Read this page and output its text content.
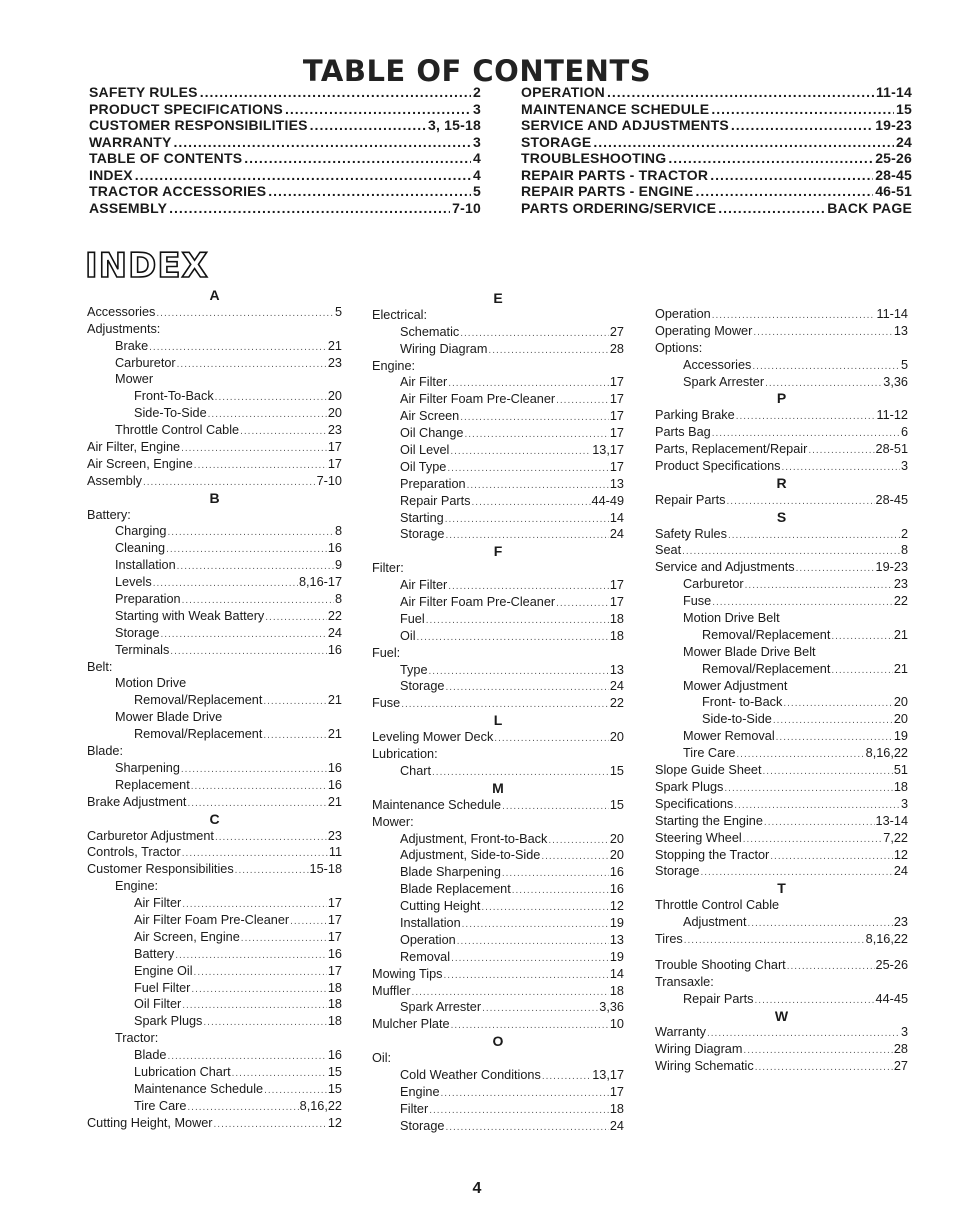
TABLE OF CONTENTS
SAFETY RULES .....	2
PRODUCT SPECIFICATIONS .....	3
CUSTOMER RESPONSIBILITIES .....	3, 15-18
WARRANTY .....	3
TABLE OF CONTENTS .....	4
INDEX .....	4
TRACTOR ACCESSORIES .....	5
ASSEMBLY .....	7-10
OPERATION .....	11-14
MAINTENANCE SCHEDULE .....	15
SERVICE AND ADJUSTMENTS .....	19-23
STORAGE .....	24
TROUBLESHOOTING .....	25-26
REPAIR PARTS - TRACTOR .....	28-45
REPAIR PARTS - ENGINE .....	46-51
PARTS ORDERING/SERVICE .....	BACK PAGE
INDEX
A
Accessories .....	5
Adjustments:
Brake .....	21
Carburetor .....	23
Mower
Front-To-Back .....	20
Side-To-Side .....	20
Throttle Control Cable .....	23
Air Filter, Engine .....	17
Air Screen, Engine .....	17
Assembly .....	7-10
B
Battery:
Charging .....	8
Cleaning .....	16
Installation .....	9
Levels .....	8,16-17
Preparation .....	8
Starting with Weak Battery .....	22
Storage .....	24
Terminals .....	16
Belt:
Motion Drive
Removal/Replacement .....	21
Mower Blade Drive
Removal/Replacement .....	21
Blade:
Sharpening .....	16
Replacement .....	16
Brake Adjustment .....	21
C
Carburetor Adjustment .....	23
Controls, Tractor .....	11
Customer Responsibilities .....	15-18
Engine:
Air Filter .....	17
Air Filter Foam Pre-Cleaner .....	17
Air Screen, Engine .....	17
Battery .....	16
Engine Oil .....	17
Fuel Filter .....	18
Oil Filter .....	18
Spark Plugs .....	18
Tractor:
Blade .....	16
Lubrication Chart .....	15
Maintenance Schedule .....	15
Tire Care .....	8,16,22
Cutting Height, Mower .....	12
E
Electrical:
Schematic .....	27
Wiring Diagram .....	28
Engine:
Air Filter .....	17
Air Filter Foam Pre-Cleaner .....	17
Air Screen .....	17
Oil Change .....	17
Oil Level .....	13,17
Oil Type .....	17
Preparation .....	13
Repair Parts .....	44-49
Starting .....	14
Storage .....	24
F
Filter:
Air Filter .....	17
Air Filter Foam Pre-Cleaner .....	17
Fuel .....	18
Oil .....	18
Fuel:
Type .....	13
Storage .....	24
Fuse .....	22
L
Leveling Mower Deck .....	20
Lubrication:
Chart .....	15
M
Maintenance Schedule .....	15
Mower:
Adjustment, Front-to-Back .....	20
Adjustment, Side-to-Side .....	20
Blade Sharpening .....	16
Blade Replacement .....	16
Cutting Height .....	12
Installation .....	19
Operation .....	13
Removal .....	19
Mowing Tips .....	14
Muffler .....	18
Spark Arrester .....	3,36
Mulcher Plate .....	10
O
Oil:
Cold Weather Conditions .....	13,17
Engine .....	17
Filter .....	18
Storage .....	24
Operation .....	11-14
Operating Mower .....	13
Options:
Accessories .....	5
Spark Arrester .....	3,36
P
Parking Brake .....	11-12
Parts Bag .....	6
Parts, Replacement/Repair .....	28-51
Product Specifications .....	3
R
Repair Parts .....	28-45
S
Safety Rules .....	2
Seat .....	8
Service and Adjustments .....	19-23
Carburetor .....	23
Fuse .....	22
Motion Drive Belt
Removal/Replacement .....	21
Mower Blade Drive Belt
Removal/Replacement .....	21
Mower Adjustment
Front- to-Back .....	20
Side-to-Side .....	20
Mower Removal .....	19
Tire Care .....	8,16,22
Slope Guide Sheet .....	51
Spark Plugs .....	18
Specifications .....	3
Starting the Engine .....	13-14
Steering Wheel .....	7,22
Stopping the Tractor .....	12
Storage .....	24
T
Throttle Control Cable
Adjustment .....	23
Tires .....	8,16,22
Trouble Shooting Chart .....	25-26
Transaxle:
Repair Parts .....	44-45
W
Warranty .....	3
Wiring Diagram .....	28
Wiring Schematic .....	27
4
